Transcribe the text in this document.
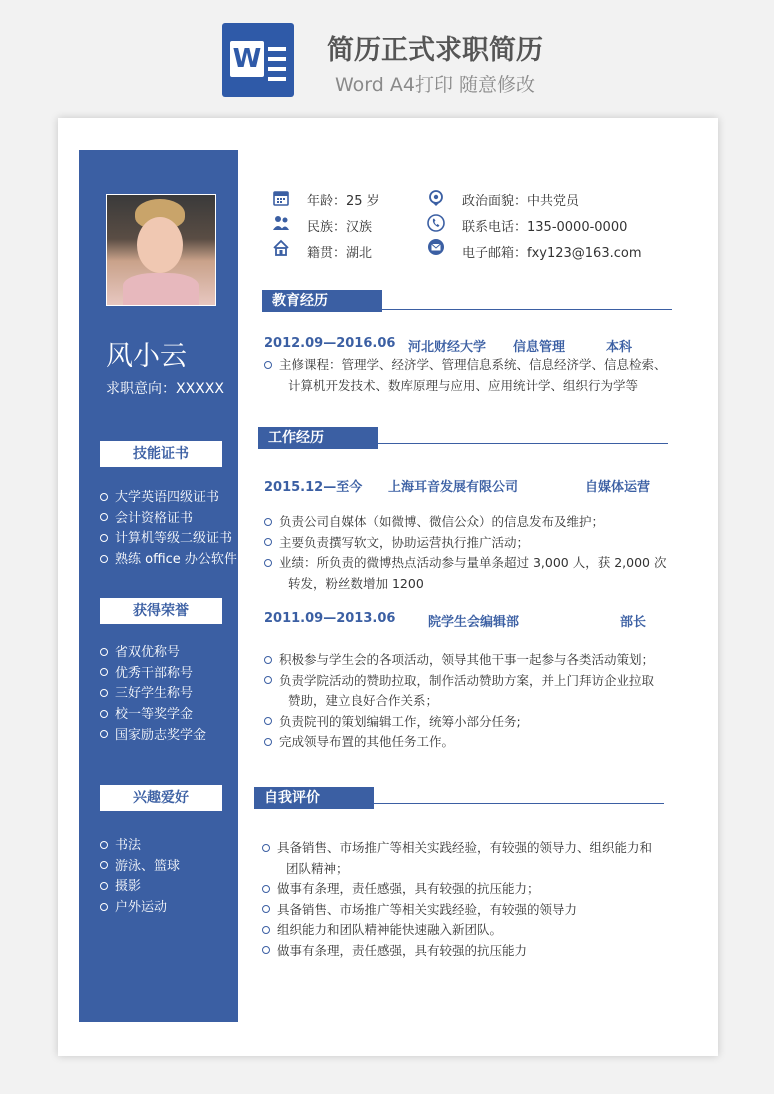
W	简历正式求职简历
Word A4打印 随意修改
风小云
求职意向：XXXXX
技能证书
大学英语四级证书
会计资格证书
计算机等级二级证书
熟练 office 办公软件
获得荣誉
省双优称号
优秀干部称号
三好学生称号
校一等奖学金
国家励志奖学金
兴趣爱好
书法
游泳、篮球
摄影
户外运动
年龄：25 岁
民族：汉族
籍贯：湖北
政治面貌：中共党员
联系电话：135-0000-0000
电子邮箱：fxy123@163.com
教育经历
2012.09—2016.06 河北财经大学 信息管理	本科
主修课程：管理学、经济学、管理信息系统、信息经济学、信息检索、
计算机开发技术、数库原理与应用、应用统计学、组织行为学等
工作经历
2015.12—至今 上海耳音发展有限公司	自媒体运营
负责公司自媒体（如微博、微信公众）的信息发布及维护；
主要负责撰写软文，协助运营执行推广活动；
业绩：所负责的微博热点活动参与量单条超过 3,000 人，获 2,000 次
转发，粉丝数增加 1200
2011.09—2013.06	院学生会编辑部	部长
积极参与学生会的各项活动，领导其他干事一起参与各类活动策划；
负责学院活动的赞助拉取，制作活动赞助方案，并上门拜访企业拉取
赞助，建立良好合作关系；
负责院刊的策划编辑工作，统筹小部分任务;
完成领导布置的其他任务工作。
自我评价
具备销售、市场推广等相关实践经验，有较强的领导力、组织能力和
团队精神；
做事有条理，责任感强，具有较强的抗压能力；
具备销售、市场推广等相关实践经验，有较强的领导力
组织能力和团队精神能快速融入新团队。
做事有条理，责任感强，具有较强的抗压能力
